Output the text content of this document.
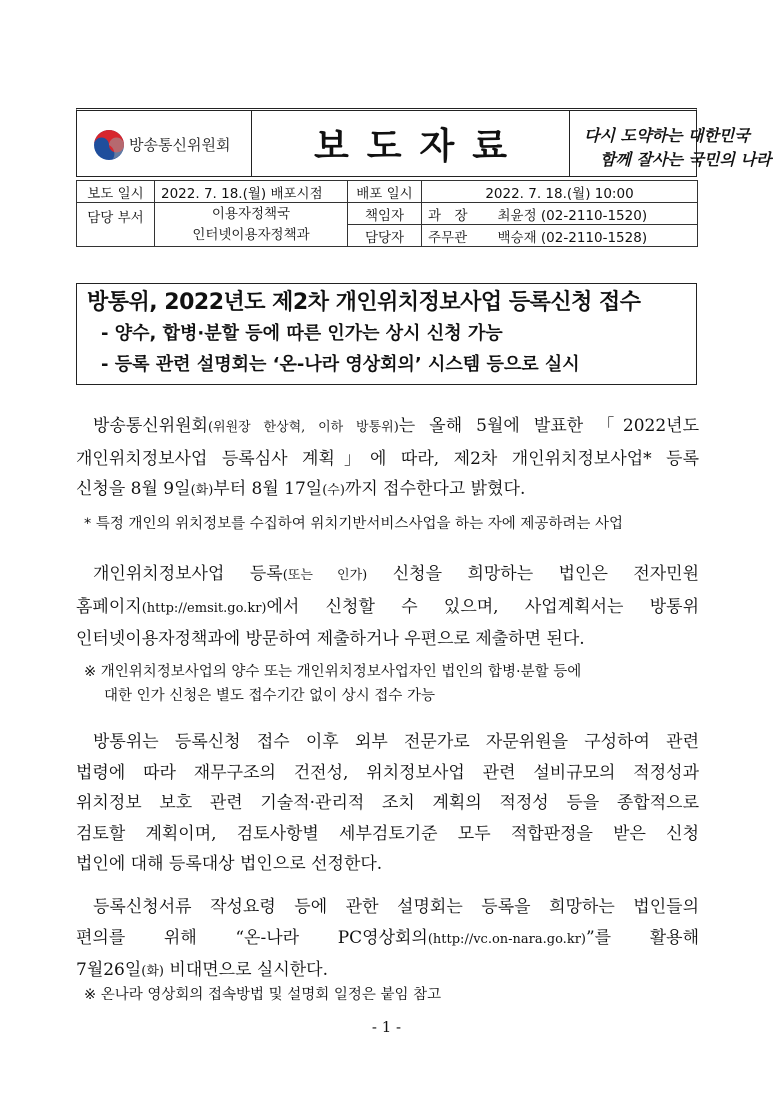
방송통신위원회	보도자료	다시 도약하는 대한민국
함께 잘사는 국민의 나라
보도 일시	2022. 7. 18.(월) 배포시점	배포 일시	2022. 7. 18.(월) 10:00	
담당 부서	이용자정책국
인터넷이용자정책과	책임자	과　장	최윤정 (02-2110-1520)
		담당자	주무관	백승재 (02-2110-1528)
방통위, 2022년도 제2차 개인위치정보사업 등록신청 접수
- 양수, 합병·분할 등에 따른 인가는 상시 신청 가능
- 등록 관련 설명회는 ‘온-나라 영상회의’ 시스템 등으로 실시
방송통신위원회(위원장 한상혁, 이하 방통위)는 올해 5월에 발표한 「2022년도
개인위치정보사업 등록심사 계획」에 따라, 제2차 개인위치정보사업* 등록
신청을 8월 9일(화)부터 8월 17일(수)까지 접수한다고 밝혔다.
* 특정 개인의 위치정보를 수집하여 위치기반서비스사업을 하는 자에 제공하려는 사업
개인위치정보사업 등록(또는 인가) 신청을 희망하는 법인은 전자민원
홈페이지(http://emsit.go.kr)에서 신청할 수 있으며, 사업계획서는 방통위
인터넷이용자정책과에 방문하여 제출하거나 우편으로 제출하면 된다.
※ 개인위치정보사업의 양수 또는 개인위치정보사업자인 법인의 합병·분할 등에
대한 인가 신청은 별도 접수기간 없이 상시 접수 가능
방통위는 등록신청 접수 이후 외부 전문가로 자문위원을 구성하여 관련
법령에 따라 재무구조의 건전성, 위치정보사업 관련 설비규모의 적정성과
위치정보 보호 관련 기술적·관리적 조치 계획의 적정성 등을 종합적으로
검토할 계획이며, 검토사항별 세부검토기준 모두 적합판정을 받은 신청
법인에 대해 등록대상 법인으로 선정한다.
등록신청서류 작성요령 등에 관한 설명회는 등록을 희망하는 법인들의
편의를 위해 “온-나라 PC영상회의(http://vc.on-nara.go.kr)”를 활용해
7월26일(화) 비대면으로 실시한다.
※ 온나라 영상회의 접속방법 및 설명회 일정은 붙임 참고
- 1 -
